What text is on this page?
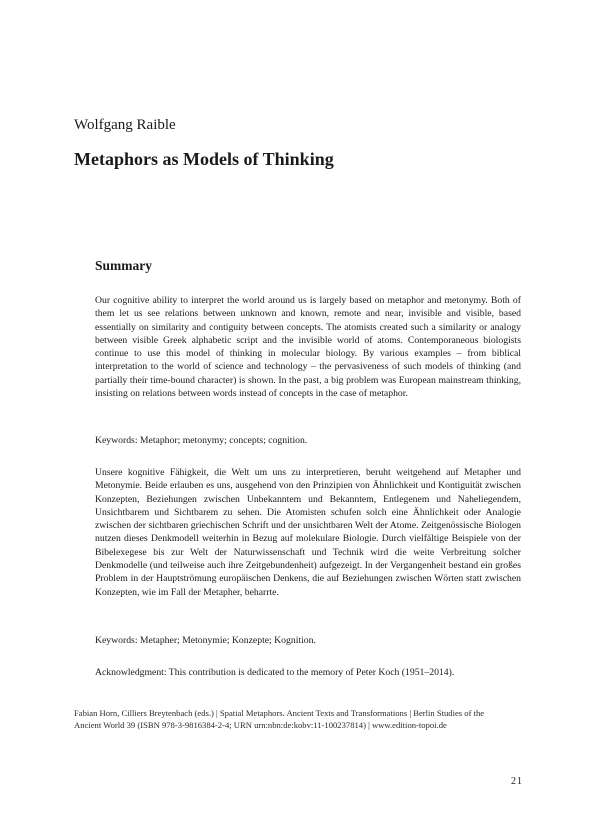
Wolfgang Raible
Metaphors as Models of Thinking
Summary

Our cognitive ability to interpret the world around us is largely based on metaphor and metonymy. Both of them let us see relations between unknown and known, remote and near, invisible and visible, based essentially on similarity and contiguity between concepts. The atomists created such a similarity or analogy between visible Greek alphabetic script and the invisible world of atoms. Contemporaneous biologists continue to use this model of thinking in molecular biology. By various examples – from biblical interpretation to the world of science and technology – the pervasiveness of such models of thinking (and partially their time-bound character) is shown. In the past, a big problem was European mainstream thinking, insisting on relations between words instead of concepts in the case of metaphor.

Keywords: Metaphor; metonymy; concepts; cognition.

Unsere kognitive Fähigkeit, die Welt um uns zu interpretieren, beruht weitgehend auf Metapher und Metonymie. Beide erlauben es uns, ausgehend von den Prinzipien von Ähnlichkeit und Kontiguität zwischen Konzepten, Beziehungen zwischen Unbekanntem und Bekanntem, Entlegenem und Naheliegendem, Unsichtbarem und Sichtbarem zu sehen. Die Atomisten schufen solch eine Ähnlichkeit oder Analogie zwischen der sichtbaren griechischen Schrift und der unsichtbaren Welt der Atome. Zeitgenössische Biologen nutzen dieses Denkmodell weiterhin in Bezug auf molekulare Biologie. Durch vielfältige Beispiele von der Bibelexegese bis zur Welt der Naturwissenschaft und Technik wird die weite Verbreitung solcher Denkmodelle (und teilweise auch ihre Zeitgebundenheit) aufgezeigt. In der Vergangenheit bestand ein großes Problem in der Hauptströmung europäischen Denkens, die auf Beziehungen zwischen Wörten statt zwischen Konzepten, wie im Fall der Metapher, beharrte.

Keywords: Metapher; Metonymie; Konzepte; Kognition.

Acknowledgment: This contribution is dedicated to the memory of Peter Koch (1951–2014).

Fabian Horn, Cilliers Breytenbach (eds.) | Spatial Metaphors. Ancient Texts and Transformations | Berlin Studies of the Ancient World 39 (ISBN 978-3-9816384-2-4; URN urn:nbn:de:kobv:11-100237814) | www.edition-topoi.de
21
